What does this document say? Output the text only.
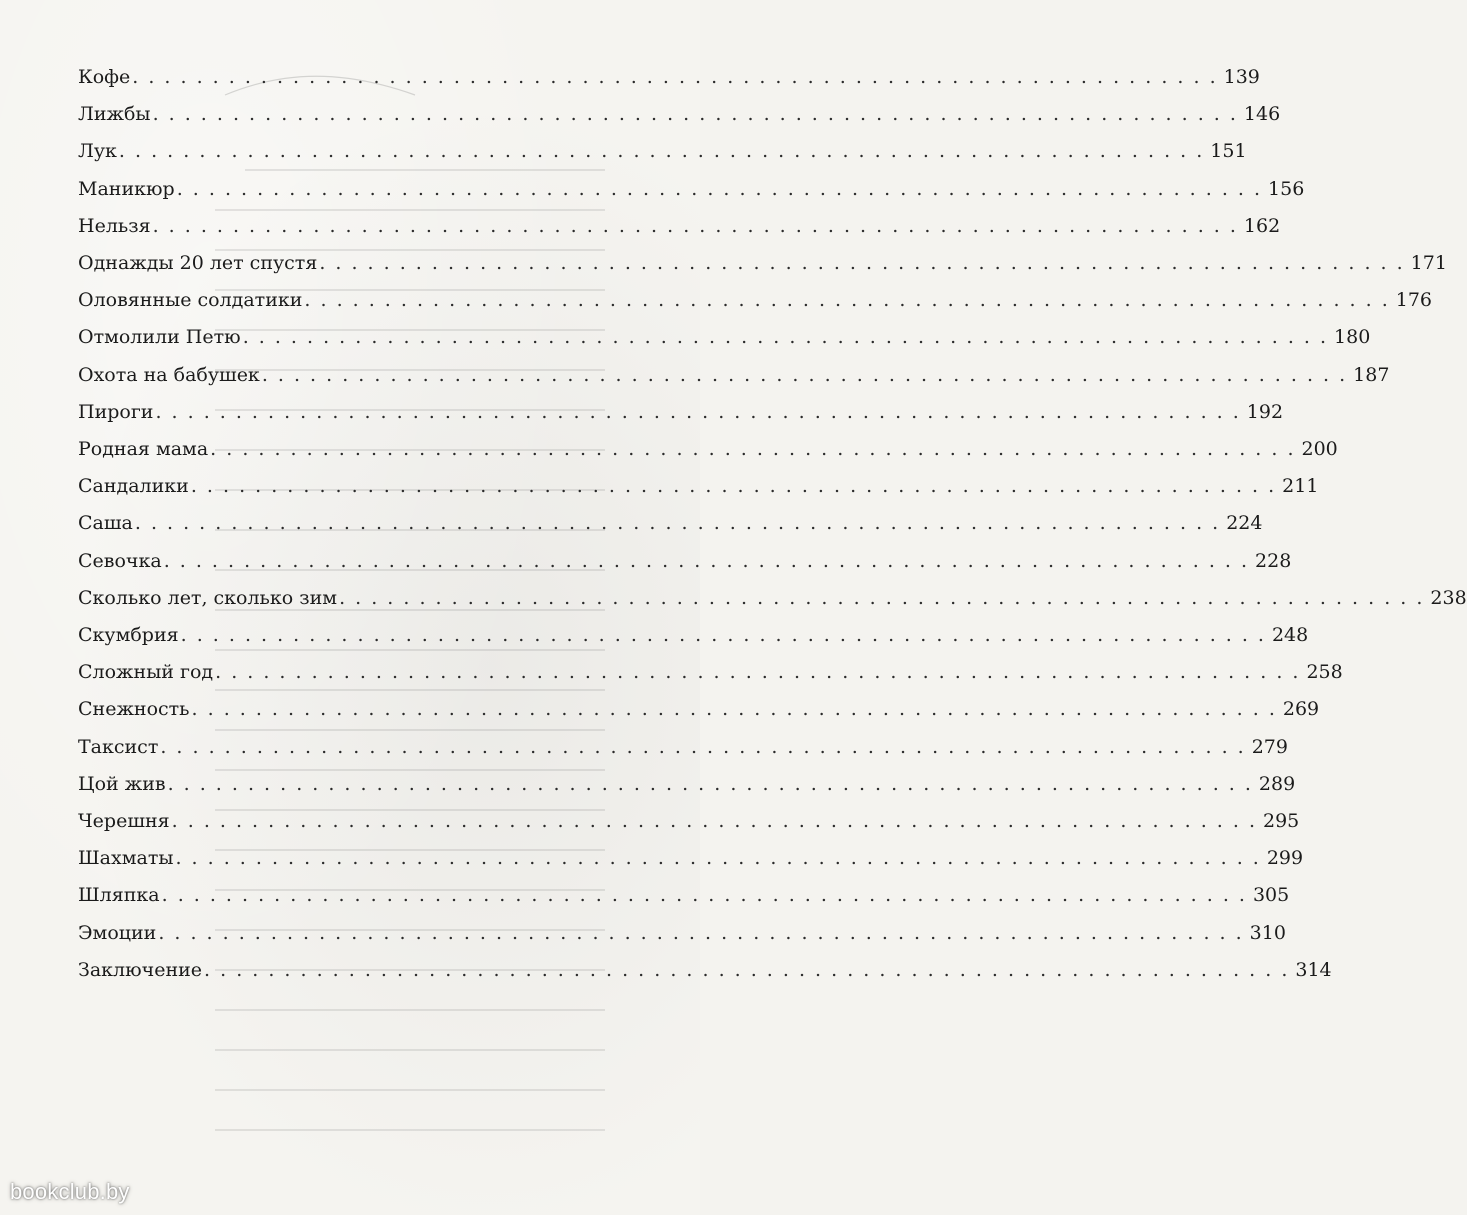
Кофе . . . . . . . . . . . . . . . . . . . . . . . . . . . . . . . . . . . . . . . . . . . . . . . . . . . . . . . . . . . . . . . . . . . . 139
Лижбы . . . . . . . . . . . . . . . . . . . . . . . . . . . . . . . . . . . . . . . . . . . . . . . . . . . . . . . . . . . . . . . . . . . . 146
Лук . . . . . . . . . . . . . . . . . . . . . . . . . . . . . . . . . . . . . . . . . . . . . . . . . . . . . . . . . . . . . . . . . . . . 151
Маникюр . . . . . . . . . . . . . . . . . . . . . . . . . . . . . . . . . . . . . . . . . . . . . . . . . . . . . . . . . . . . . . . . . . . . 156
Нельзя . . . . . . . . . . . . . . . . . . . . . . . . . . . . . . . . . . . . . . . . . . . . . . . . . . . . . . . . . . . . . . . . . . . . 162
Однажды 20 лет спустя . . . . . . . . . . . . . . . . . . . . . . . . . . . . . . . . . . . . . . . . . . . . . . . . . . . . . . . . . . . . . . . . . . . . 171
Оловянные солдатики . . . . . . . . . . . . . . . . . . . . . . . . . . . . . . . . . . . . . . . . . . . . . . . . . . . . . . . . . . . . . . . . . . . . 176
Отмолили Петю . . . . . . . . . . . . . . . . . . . . . . . . . . . . . . . . . . . . . . . . . . . . . . . . . . . . . . . . . . . . . . . . . . . . 180
Охота на бабушек . . . . . . . . . . . . . . . . . . . . . . . . . . . . . . . . . . . . . . . . . . . . . . . . . . . . . . . . . . . . . . . . . . . . 187
Пироги . . . . . . . . . . . . . . . . . . . . . . . . . . . . . . . . . . . . . . . . . . . . . . . . . . . . . . . . . . . . . . . . . . . . 192
Родная мама . . . . . . . . . . . . . . . . . . . . . . . . . . . . . . . . . . . . . . . . . . . . . . . . . . . . . . . . . . . . . . . . . . . . 200
Сандалики . . . . . . . . . . . . . . . . . . . . . . . . . . . . . . . . . . . . . . . . . . . . . . . . . . . . . . . . . . . . . . . . . . . . 211
Саша . . . . . . . . . . . . . . . . . . . . . . . . . . . . . . . . . . . . . . . . . . . . . . . . . . . . . . . . . . . . . . . . . . . . 224
Севочка . . . . . . . . . . . . . . . . . . . . . . . . . . . . . . . . . . . . . . . . . . . . . . . . . . . . . . . . . . . . . . . . . . . . 228
Сколько лет, сколько зим . . . . . . . . . . . . . . . . . . . . . . . . . . . . . . . . . . . . . . . . . . . . . . . . . . . . . . . . . . . . . . . . . . . . 238
Скумбрия . . . . . . . . . . . . . . . . . . . . . . . . . . . . . . . . . . . . . . . . . . . . . . . . . . . . . . . . . . . . . . . . . . . . 248
Сложный год . . . . . . . . . . . . . . . . . . . . . . . . . . . . . . . . . . . . . . . . . . . . . . . . . . . . . . . . . . . . . . . . . . . . 258
Снежность . . . . . . . . . . . . . . . . . . . . . . . . . . . . . . . . . . . . . . . . . . . . . . . . . . . . . . . . . . . . . . . . . . . . 269
Таксист . . . . . . . . . . . . . . . . . . . . . . . . . . . . . . . . . . . . . . . . . . . . . . . . . . . . . . . . . . . . . . . . . . . . 279
Цой жив . . . . . . . . . . . . . . . . . . . . . . . . . . . . . . . . . . . . . . . . . . . . . . . . . . . . . . . . . . . . . . . . . . . . 289
Черешня . . . . . . . . . . . . . . . . . . . . . . . . . . . . . . . . . . . . . . . . . . . . . . . . . . . . . . . . . . . . . . . . . . . . 295
Шахматы . . . . . . . . . . . . . . . . . . . . . . . . . . . . . . . . . . . . . . . . . . . . . . . . . . . . . . . . . . . . . . . . . . . . 299
Шляпка . . . . . . . . . . . . . . . . . . . . . . . . . . . . . . . . . . . . . . . . . . . . . . . . . . . . . . . . . . . . . . . . . . . . 305
Эмоции . . . . . . . . . . . . . . . . . . . . . . . . . . . . . . . . . . . . . . . . . . . . . . . . . . . . . . . . . . . . . . . . . . . . 310
Заключение . . . . . . . . . . . . . . . . . . . . . . . . . . . . . . . . . . . . . . . . . . . . . . . . . . . . . . . . . . . . . . . . . . . . 314
bookclub.by
